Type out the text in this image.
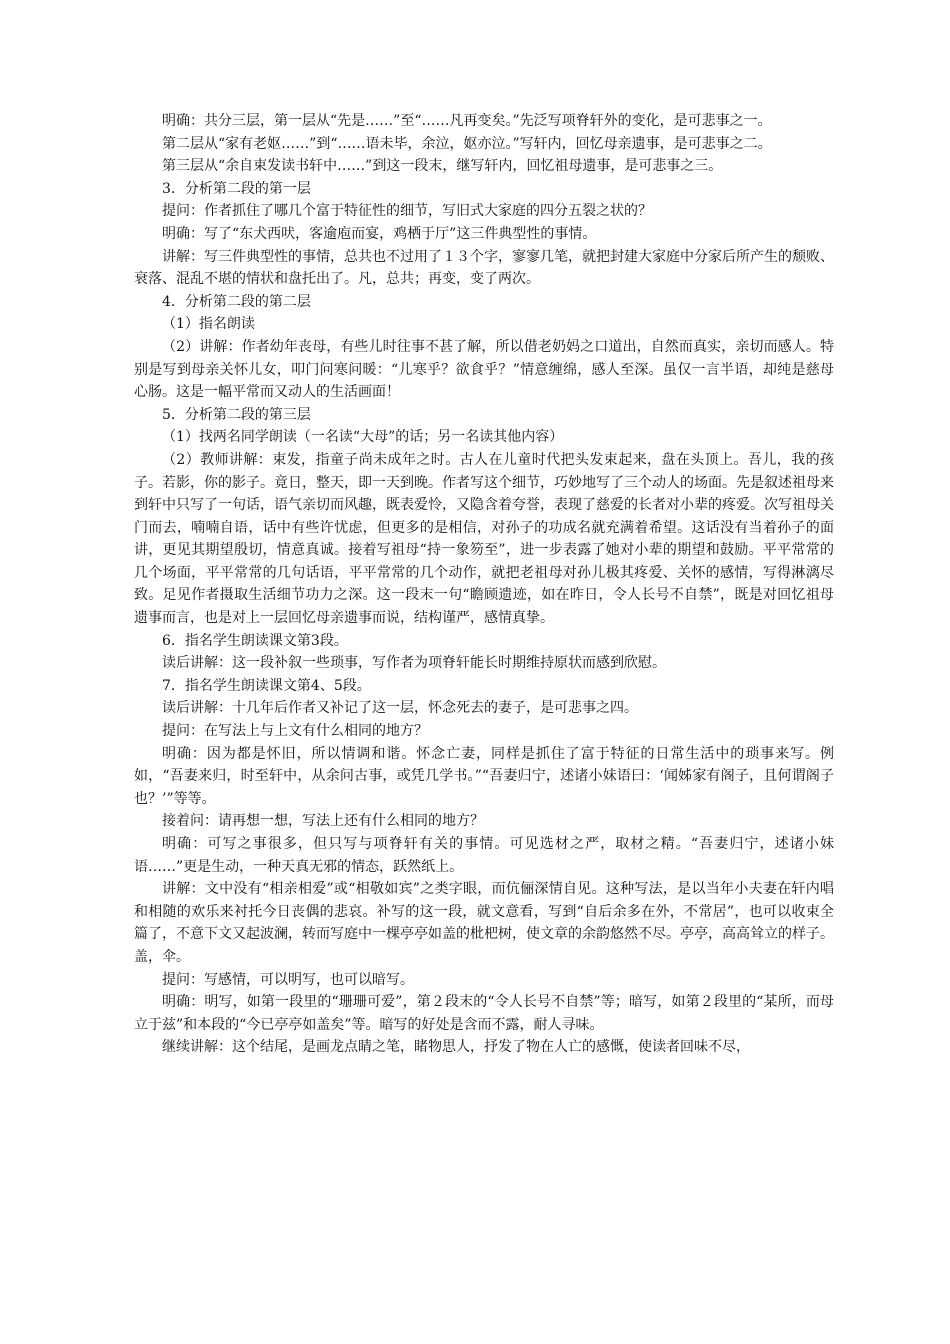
明确：共分三层，第一层从“先是……”至“……凡再变矣。”先泛写项脊轩外的变化，是可悲事之一。

第二层从“家有老妪……”到“……语未毕，余泣，妪亦泣。”写轩内，回忆母亲遗事，是可悲事之二。

第三层从“余自束发读书轩中……”到这一段末，继写轩内，回忆祖母遗事，是可悲事之三。

3．分析第二段的第一层

提问：作者抓住了哪几个富于特征性的细节，写旧式大家庭的四分五裂之状的？

明确：写了“东犬西吠，客逾庖而宴，鸡栖于厅”这三件典型性的事情。

讲解：写三件典型性的事情，总共也不过用了１３个字，寥寥几笔，就把封建大家庭中分家后所产生的颓败、衰落、混乱不堪的情状和盘托出了。凡，总共；再变，变了两次。

4．分析第二段的第二层

（1）指名朗读

（2）讲解：作者幼年丧母，有些儿时往事不甚了解，所以借老奶妈之口道出，自然而真实，亲切而感人。特别是写到母亲关怀儿女，叩门问寒问暖：“儿寒乎？欲食乎？”情意缠绵，感人至深。虽仅一言半语，却纯是慈母心肠。这是一幅平常而又动人的生活画面！

5．分析第二段的第三层

（1）找两名同学朗读（一名读“大母”的话；另一名读其他内容）

（2）教师讲解：束发，指童子尚未成年之时。古人在儿童时代把头发束起来，盘在头顶上。吾儿，我的孩子。若影，你的影子。竟日，整天，即一天到晚。作者写这个细节，巧妙地写了三个动人的场面。先是叙述祖母来到轩中只写了一句话，语气亲切而风趣，既表爱怜，又隐含着夸誉，表现了慈爱的长者对小辈的疼爱。次写祖母关门而去，喃喃自语，话中有些许忧虑，但更多的是相信，对孙子的功成名就充满着希望。这话没有当着孙子的面讲，更见其期望殷切，情意真诚。接着写祖母“持一象笏至”，进一步表露了她对小辈的期望和鼓励。平平常常的几个场面，平平常常的几句话语，平平常常的几个动作，就把老祖母对孙儿极其疼爱、关怀的感情，写得淋漓尽致。足见作者摄取生活细节功力之深。这一段末一句“瞻顾遗迹，如在昨日，令人长号不自禁”，既是对回忆祖母遗事而言，也是对上一层回忆母亲遗事而说，结构谨严，感情真挚。

6．指名学生朗读课文第3段。

读后讲解：这一段补叙一些琐事，写作者为项脊轩能长时期维持原状而感到欣慰。

7．指名学生朗读课文第4、5段。

读后讲解：十几年后作者又补记了这一层，怀念死去的妻子，是可悲事之四。

提问：在写法上与上文有什么相同的地方？

明确：因为都是怀旧，所以情调和谐。怀念亡妻，同样是抓住了富于特征的日常生活中的琐事来写。例如，“吾妻来归，时至轩中，从余问古事，或凭几学书。”“吾妻归宁，述诸小妹语曰：‘闻姊家有阁子，且何谓阁子也？’”等等。

接着问：请再想一想，写法上还有什么相同的地方？

明确：可写之事很多，但只写与项脊轩有关的事情。可见选材之严，取材之精。“吾妻归宁，述诸小妹语……”更是生动，一种天真无邪的情态，跃然纸上。

讲解：文中没有“相亲相爱”或“相敬如宾”之类字眼，而伉俪深情自见。这种写法，是以当年小夫妻在轩内唱和相随的欢乐来衬托今日丧偶的悲哀。补写的这一段，就文意看，写到“自后余多在外，不常居”，也可以收束全篇了，不意下文又起波澜，转而写庭中一棵亭亭如盖的枇杷树，使文章的余韵悠然不尽。亭亭，高高耸立的样子。盖，伞。

提问：写感情，可以明写，也可以暗写。

明确：明写，如第一段里的“珊珊可爱”，第２段末的“令人长号不自禁”等；暗写，如第２段里的“某所，而母立于兹”和本段的“今已亭亭如盖矣”等。暗写的好处是含而不露，耐人寻味。

继续讲解：这个结尾，是画龙点睛之笔，睹物思人，抒发了物在人亡的感慨，使读者回味不尽，
